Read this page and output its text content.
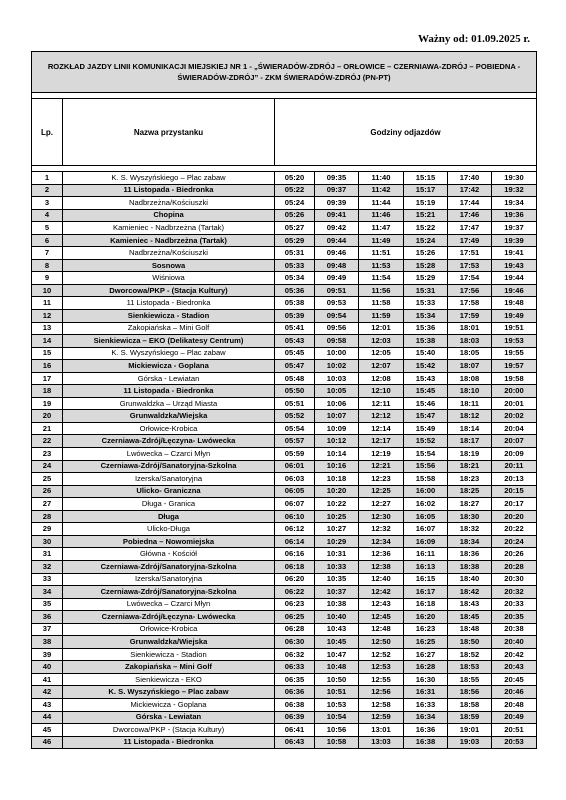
Ważny od: 01.09.2025 r.
ROZKŁAD JAZDY LINII KOMUNIKACJI MIEJSKIEJ NR 1 - „ŚWIERADÓW-ZDRÓJ – ORŁOWICE – CZERNIAWA-ZDRÓJ – POBIEDNA - ŚWIERADÓW-ZDRÓJ” - ZKM ŚWIERADÓW-ZDRÓJ (PN-PT)							

Lp.	Nazwa przystanku	Godziny odjazdów					

1	K. S. Wyszyńskiego – Plac zabaw	05:20	09:35	11:40	15:15	17:40	19:30
2	11 Listopada - Biedronka	05:22	09:37	11:42	15:17	17:42	19:32
3	Nadbrzeżna/Kościuszki	05:24	09:39	11:44	15:19	17:44	19:34
4	Chopina	05:26	09:41	11:46	15:21	17:46	19:36
5	Kamieniec - Nadbrzeżna (Tartak)	05:27	09:42	11:47	15:22	17:47	19:37
6	Kamieniec - Nadbrzeżna (Tartak)	05:29	09:44	11:49	15:24	17:49	19:39
7	Nadbrzeżna/Kościuszki	05:31	09:46	11:51	15:26	17:51	19:41
8	Sosnowa	05:33	09:48	11:53	15:28	17:53	19:43
9	Wiśniowa	05:34	09:49	11:54	15:29	17:54	19:44
10	Dworcowa/PKP - (Stacja Kultury)	05:36	09:51	11:56	15:31	17:56	19:46
11	11 Listopada - Biedronka	05:38	09:53	11:58	15:33	17:58	19:48
12	Sienkiewicza - Stadion	05:39	09:54	11:59	15:34	17:59	19:49
13	Zakopiańska – Mini Golf	05:41	09:56	12:01	15:36	18:01	19:51
14	Sienkiewicza – EKO (Delikatesy Centrum)	05:43	09:58	12:03	15:38	18:03	19:53
15	K. S. Wyszyńskiego – Plac zabaw	05:45	10:00	12:05	15:40	18:05	19:55
16	Mickiewicza - Goplana	05:47	10:02	12:07	15:42	18:07	19:57
17	Górska - Lewiatan	05:48	10:03	12:08	15:43	18:08	19:58
18	11 Listopada - Biedronka	05:50	10:05	12:10	15:45	18:10	20:00
19	Grunwaldzka – Urząd Miasta	05:51	10:06	12:11	15:46	18:11	20:01
20	Grunwaldzka/Wiejska	05:52	10:07	12:12	15:47	18:12	20:02
21	Orłowice-Krobica	05:54	10:09	12:14	15:49	18:14	20:04
22	Czerniawa-Zdrój/Łęczyna- Lwówecka	05:57	10:12	12:17	15:52	18:17	20:07
23	Lwówecka – Czarci Młyn	05:59	10:14	12:19	15:54	18:19	20:09
24	Czerniawa-Zdrój/Sanatoryjna-Szkolna	06:01	10:16	12:21	15:56	18:21	20:11
25	Izerska/Sanatoryjna	06:03	10:18	12:23	15:58	18:23	20:13
26	Ulicko- Graniczna	06:05	10:20	12:25	16:00	18:25	20:15
27	Długa - Granica	06:07	10:22	12:27	16:02	18:27	20:17
28	Długa	06:10	10:25	12:30	16:05	18:30	20:20
29	Ulicko-Długa	06:12	10:27	12:32	16:07	18:32	20:22
30	Pobiedna – Nowomiejska	06:14	10:29	12:34	16:09	18:34	20:24
31	Główna - Kościół	06:16	10:31	12:36	16:11	18:36	20:26
32	Czerniawa-Zdrój/Sanatoryjna-Szkolna	06:18	10:33	12:38	16:13	18:38	20:28
33	Izerska/Sanatoryjna	06:20	10:35	12:40	16:15	18:40	20:30
34	Czerniawa-Zdrój/Sanatoryjna-Szkolna	06:22	10:37	12:42	16:17	18:42	20:32
35	Lwówecka – Czarci Młyn	06:23	10:38	12:43	16:18	18:43	20:33
36	Czerniawa-Zdrój/Łęczyna- Lwówecka	06:25	10:40	12:45	16:20	18:45	20:35
37	Orłowice-Krobica	06:28	10:43	12:48	16:23	18:48	20:38
38	Grunwaldzka/Wiejska	06:30	10:45	12:50	16:25	18:50	20:40
39	Sienkiewicza - Stadion	06:32	10:47	12:52	16:27	18:52	20:42
40	Zakopiańska – Mini Golf	06:33	10:48	12:53	16:28	18:53	20:43
41	Sienkiewicza - EKO	06:35	10:50	12:55	16:30	18:55	20:45
42	K. S. Wyszyńskiego – Plac zabaw	06:36	10:51	12:56	16:31	18:56	20:46
43	Mickiewicza - Goplana	06:38	10:53	12:58	16:33	18:58	20:48
44	Górska - Lewiatan	06:39	10:54	12:59	16:34	18:59	20:49
45	Dworcowa/PKP - (Stacja Kultury)	06:41	10:56	13:01	16:36	19:01	20:51
46	11 Listopada - Biedronka	06:43	10:58	13:03	16:38	19:03	20:53
